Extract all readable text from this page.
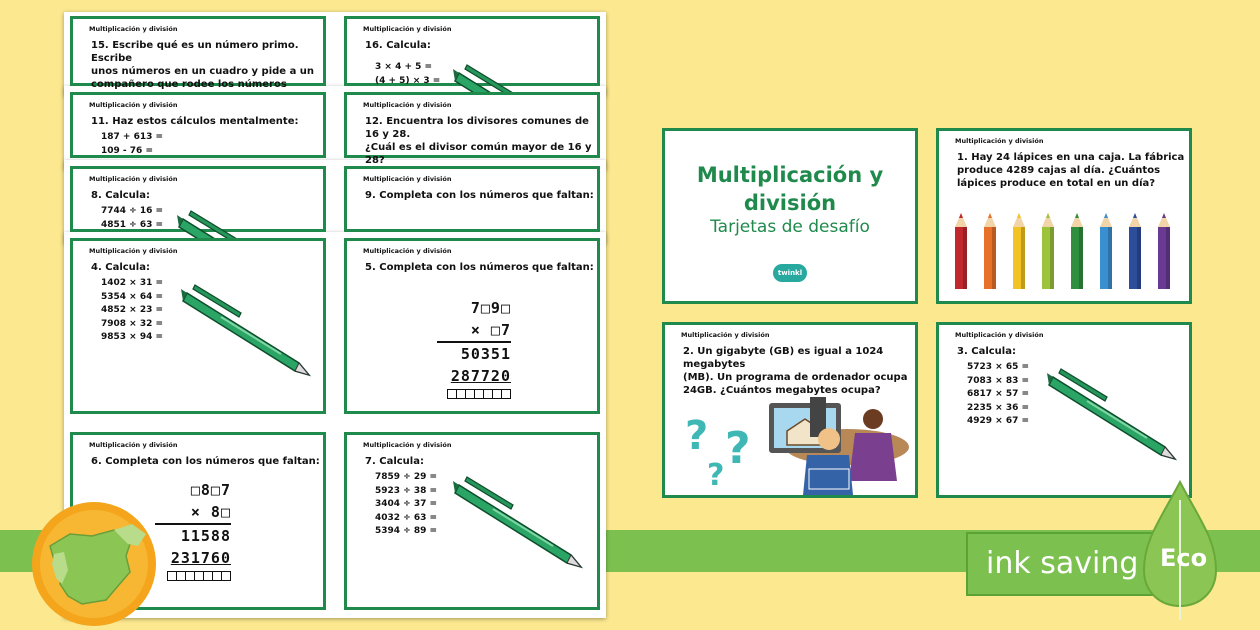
Multiplicación y división
15. Escribe qué es un número primo. Escribe
unos números en un cuadro y pide a un
compañero que rodee los números
Multiplicación y división
16. Calcula:
3 × 4 + 5 =
(4 + 5) × 3 =
Multiplicación y división
11. Haz estos cálculos mentalmente:
187 + 613 =
109 - 76 =
Multiplicación y división
12. Encuentra los divisores comunes de 16 y 28.
¿Cuál es el divisor común mayor de 16 y 28?
Multiplicación y división
8. Calcula:
7744 ÷ 16 =
4851 ÷ 63 =
Multiplicación y división
9. Completa con los números que faltan:
Multiplicación y división
4. Calcula:
1402 × 31 =
5354 × 64 =
4852 × 23 =
7908 × 32 =
9853 × 94 =
Multiplicación y división
5. Completa con los números que faltan:
7□9□
× □7
50351
287720
Multiplicación y división
6. Completa con los números que faltan:
□8□7
× 8□
11588
231760
Multiplicación y división
7. Calcula:
7859 ÷ 29 =
5923 ÷ 38 =
3404 ÷ 37 =
4032 ÷ 63 =
5394 ÷ 89 =
Multiplicación y
división
Tarjetas de desafío
twinkl
Multiplicación y división
1. Hay 24 lápices en una caja. La fábrica
produce 4289 cajas al día. ¿Cuántos
lápices produce en total en un día?
Multiplicación y división
2. Un gigabyte (GB) es igual a 1024 megabytes
(MB). Un programa de ordenador ocupa
24GB. ¿Cuántos megabytes ocupa?
?
?
?
Multiplicación y división
3. Calcula:
5723 × 65 =
7083 × 83 =
6817 × 57 =
2235 × 36 =
4929 × 67 =
ink saving Eco
